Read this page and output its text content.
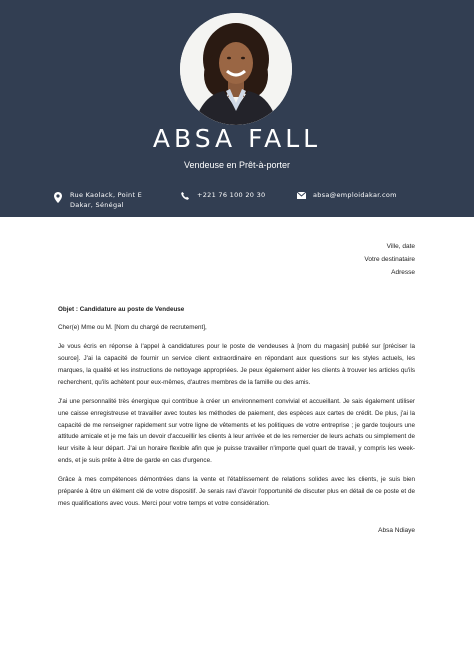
ABSA FALL
Vendeuse en Prêt-à-porter
Rue Kaolack, Point E
Dakar, Sénégal
+221 76 100 20 30	absa@emploidakar.com
Ville, date
Votre destinataire
Adresse

Objet : Candidature au poste de Vendeuse

Cher(e) Mme ou M. [Nom du chargé de recrutement],

Je vous écris en réponse à l'appel à candidatures pour le poste de vendeuses à [nom du magasin] publié sur [préciser la source]. J'ai la capacité de fournir un service client extraordinaire en répondant aux questions sur les styles actuels, les marques, la qualité et les instructions de nettoyage appropriées. Je peux également aider les clients à trouver les articles qu'ils recherchent, qu'ils achètent pour eux-mêmes, d'autres membres de la famille ou des amis.

J'ai une personnalité très énergique qui contribue à créer un environnement convivial et accueillant. Je sais également utiliser une caisse enregistreuse et travailler avec toutes les méthodes de paiement, des espèces aux cartes de crédit. De plus, j'ai la capacité de me renseigner rapidement sur votre ligne de vêtements et les politiques de votre entreprise ; je garde toujours une attitude amicale et je me fais un devoir d'accueillir les clients à leur arrivée et de les remercier de leurs achats ou simplement de leur visite à leur départ. J'ai un horaire flexible afin que je puisse travailler n'importe quel quart de travail, y compris les week-ends, et je suis prête à être de garde en cas d'urgence.

Grâce à mes compétences démontrées dans la vente et l'établissement de relations solides avec les clients, je suis bien préparée à être un élément clé de votre dispositif. Je serais ravi d'avoir l'opportunité de discuter plus en détail de ce poste et de mes qualifications avec vous. Merci pour votre temps et votre considération.

Absa Ndiaye
